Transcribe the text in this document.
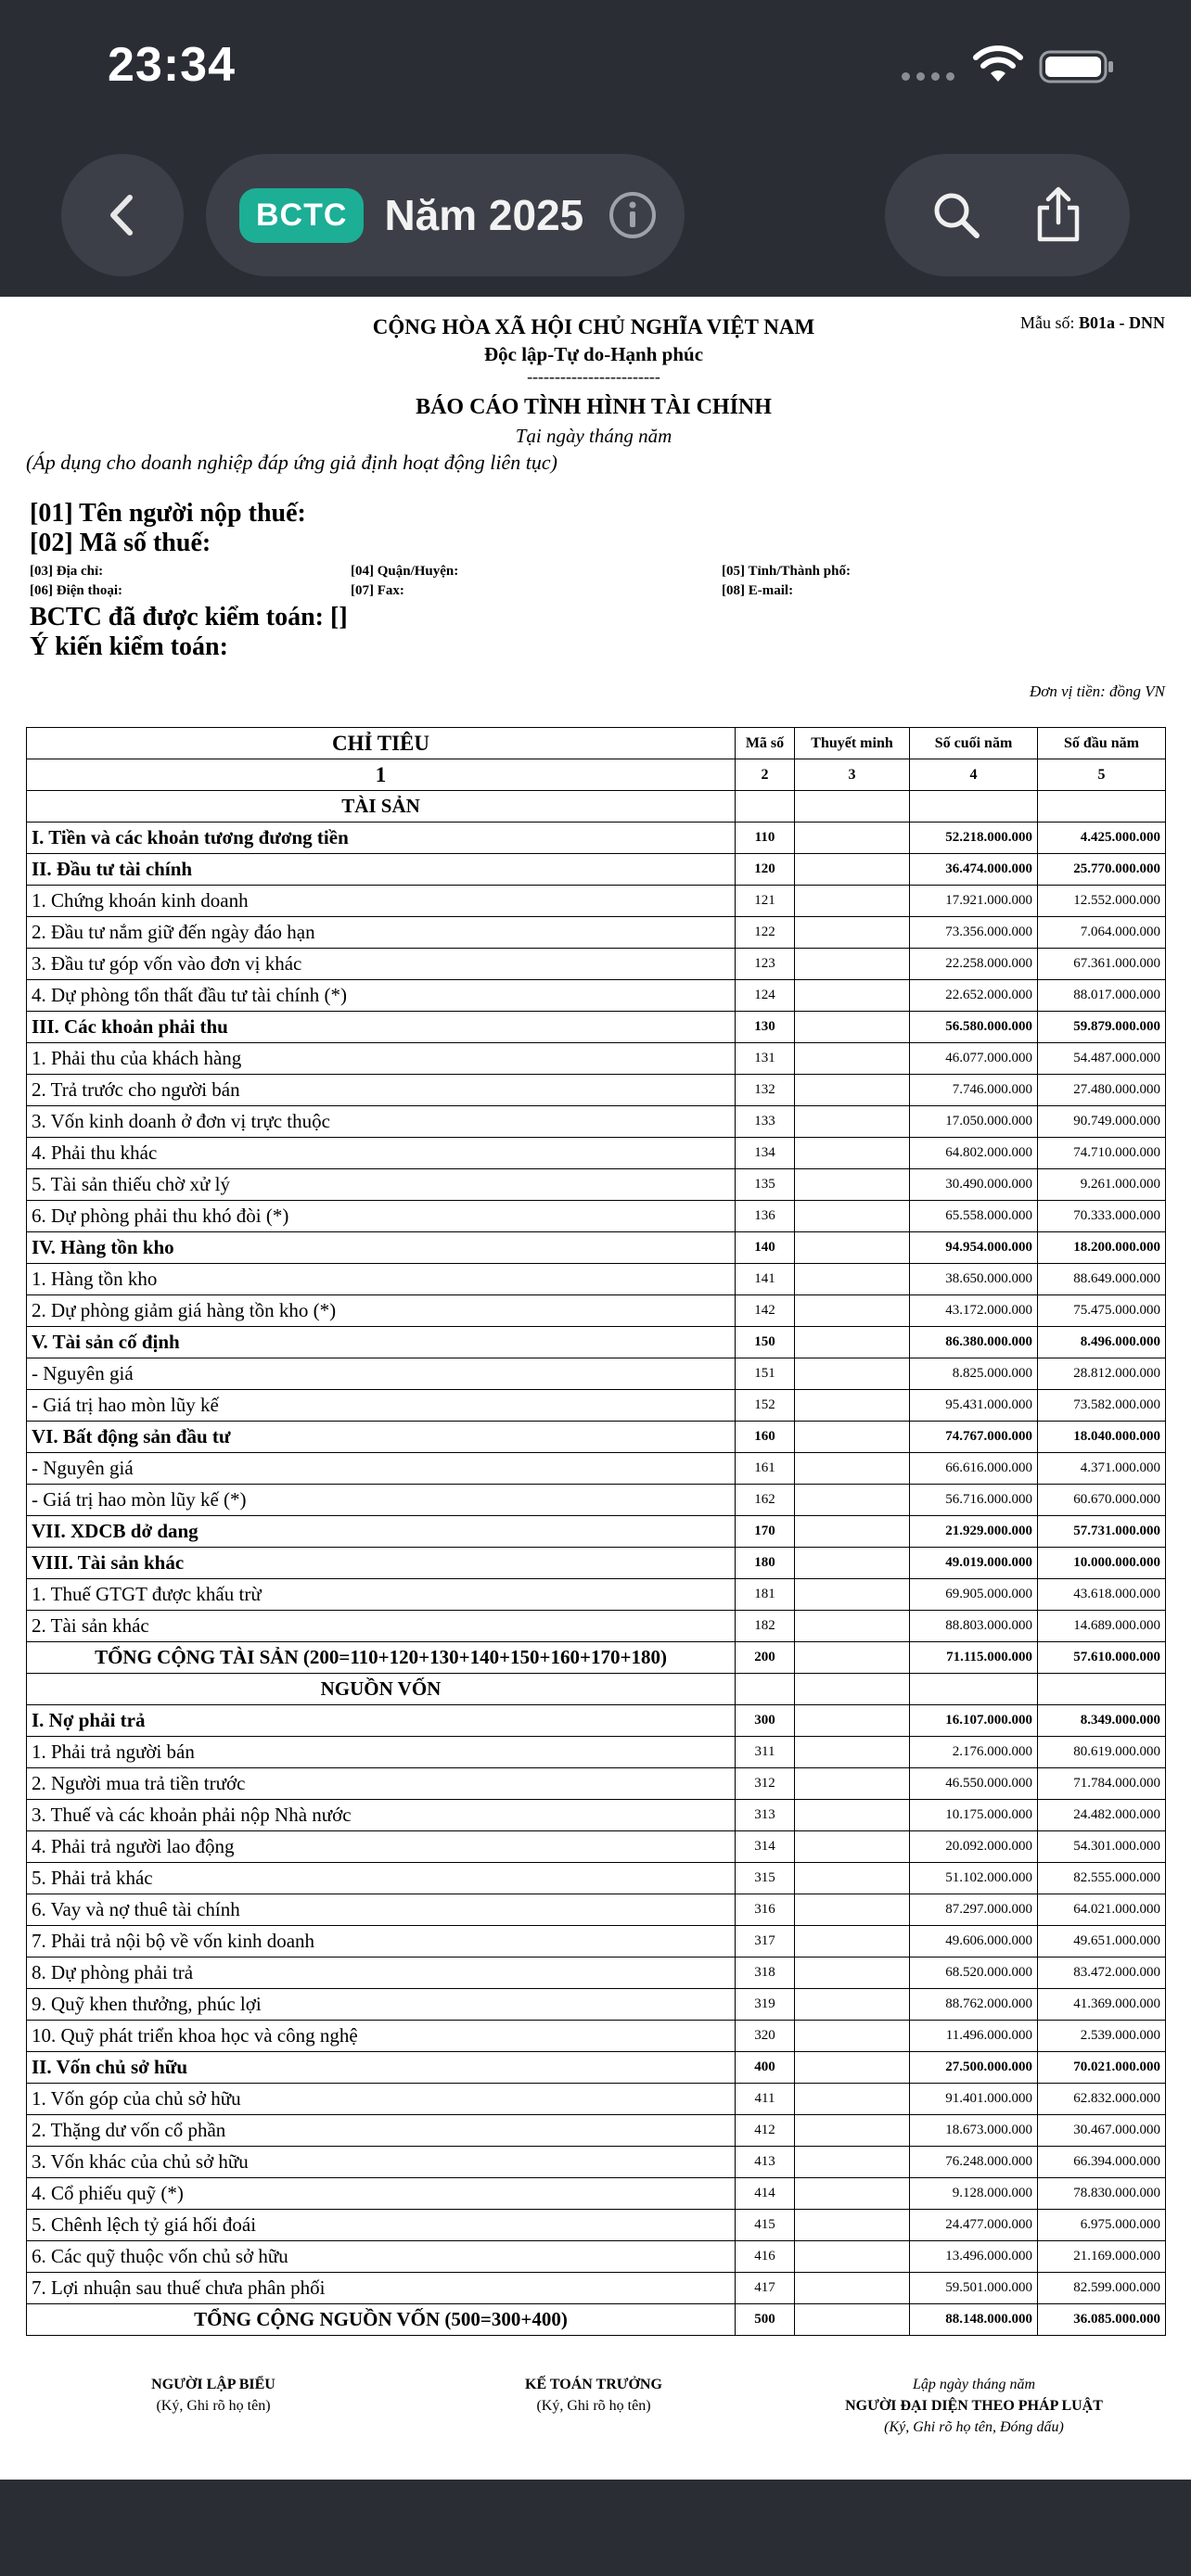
23:34
BCTC Năm 2025
CỘNG HÒA XÃ HỘI CHỦ NGHĨA VIỆT NAM	Mẫu số: B01a - DNN
Độc lập-Tự do-Hạnh phúc
------------------------
BÁO CÁO TÌNH HÌNH TÀI CHÍNH
Tại ngày tháng năm
(Áp dụng cho doanh nghiệp đáp ứng giả định hoạt động liên tục)
[01] Tên người nộp thuế:
[02] Mã số thuế:
[03] Địa chỉ:	[04] Quận/Huyện:	[05] Tỉnh/Thành phố:
[06] Điện thoại:	[07] Fax:	[08] E-mail:
BCTC đã được kiểm toán: []
Ý kiến kiểm toán:
Đơn vị tiền: đồng VN
CHỈ TIÊU	Mã số	Thuyết minh	Số cuối năm	Số đầu năm
1	2	3	4	5
TÀI SẢN				
I. Tiền và các khoản tương đương tiền	110		52.218.000.000	4.425.000.000
II. Đầu tư tài chính	120		36.474.000.000	25.770.000.000
1. Chứng khoán kinh doanh	121		17.921.000.000	12.552.000.000
2. Đầu tư nắm giữ đến ngày đáo hạn	122		73.356.000.000	7.064.000.000
3. Đầu tư góp vốn vào đơn vị khác	123		22.258.000.000	67.361.000.000
4. Dự phòng tổn thất đầu tư tài chính (*)	124		22.652.000.000	88.017.000.000
III. Các khoản phải thu	130		56.580.000.000	59.879.000.000
1. Phải thu của khách hàng	131		46.077.000.000	54.487.000.000
2. Trả trước cho người bán	132		7.746.000.000	27.480.000.000
3. Vốn kinh doanh ở đơn vị trực thuộc	133		17.050.000.000	90.749.000.000
4. Phải thu khác	134		64.802.000.000	74.710.000.000
5. Tài sản thiếu chờ xử lý	135		30.490.000.000	9.261.000.000
6. Dự phòng phải thu khó đòi (*)	136		65.558.000.000	70.333.000.000
IV. Hàng tồn kho	140		94.954.000.000	18.200.000.000
1. Hàng tồn kho	141		38.650.000.000	88.649.000.000
2. Dự phòng giảm giá hàng tồn kho (*)	142		43.172.000.000	75.475.000.000
V. Tài sản cố định	150		86.380.000.000	8.496.000.000
- Nguyên giá	151		8.825.000.000	28.812.000.000
- Giá trị hao mòn lũy kế	152		95.431.000.000	73.582.000.000
VI. Bất động sản đầu tư	160		74.767.000.000	18.040.000.000
- Nguyên giá	161		66.616.000.000	4.371.000.000
- Giá trị hao mòn lũy kế (*)	162		56.716.000.000	60.670.000.000
VII. XDCB dở dang	170		21.929.000.000	57.731.000.000
VIII. Tài sản khác	180		49.019.000.000	10.000.000.000
1. Thuế GTGT được khấu trừ	181		69.905.000.000	43.618.000.000
2. Tài sản khác	182		88.803.000.000	14.689.000.000
TỔNG CỘNG TÀI SẢN (200=110+120+130+140+150+160+170+180)	200		71.115.000.000	57.610.000.000
NGUỒN VỐN				
I. Nợ phải trả	300		16.107.000.000	8.349.000.000
1. Phải trả người bán	311		2.176.000.000	80.619.000.000
2. Người mua trả tiền trước	312		46.550.000.000	71.784.000.000
3. Thuế và các khoản phải nộp Nhà nước	313		10.175.000.000	24.482.000.000
4. Phải trả người lao động	314		20.092.000.000	54.301.000.000
5. Phải trả khác	315		51.102.000.000	82.555.000.000
6. Vay và nợ thuê tài chính	316		87.297.000.000	64.021.000.000
7. Phải trả nội bộ về vốn kinh doanh	317		49.606.000.000	49.651.000.000
8. Dự phòng phải trả	318		68.520.000.000	83.472.000.000
9. Quỹ khen thưởng, phúc lợi	319		88.762.000.000	41.369.000.000
10. Quỹ phát triển khoa học và công nghệ	320		11.496.000.000	2.539.000.000
II. Vốn chủ sở hữu	400		27.500.000.000	70.021.000.000
1. Vốn góp của chủ sở hữu	411		91.401.000.000	62.832.000.000
2. Thặng dư vốn cổ phần	412		18.673.000.000	30.467.000.000
3. Vốn khác của chủ sở hữu	413		76.248.000.000	66.394.000.000
4. Cổ phiếu quỹ (*)	414		9.128.000.000	78.830.000.000
5. Chênh lệch tỷ giá hối đoái	415		24.477.000.000	6.975.000.000
6. Các quỹ thuộc vốn chủ sở hữu	416		13.496.000.000	21.169.000.000
7. Lợi nhuận sau thuế chưa phân phối	417		59.501.000.000	82.599.000.000
TỔNG CỘNG NGUỒN VỐN (500=300+400)	500		88.148.000.000	36.085.000.000
NGƯỜI LẬP BIỂU
(Ký, Ghi rõ họ tên)
KẾ TOÁN TRƯỞNG
(Ký, Ghi rõ họ tên)
Lập ngày tháng năm
NGƯỜI ĐẠI DIỆN THEO PHÁP LUẬT
(Ký, Ghi rõ họ tên, Đóng dấu)
